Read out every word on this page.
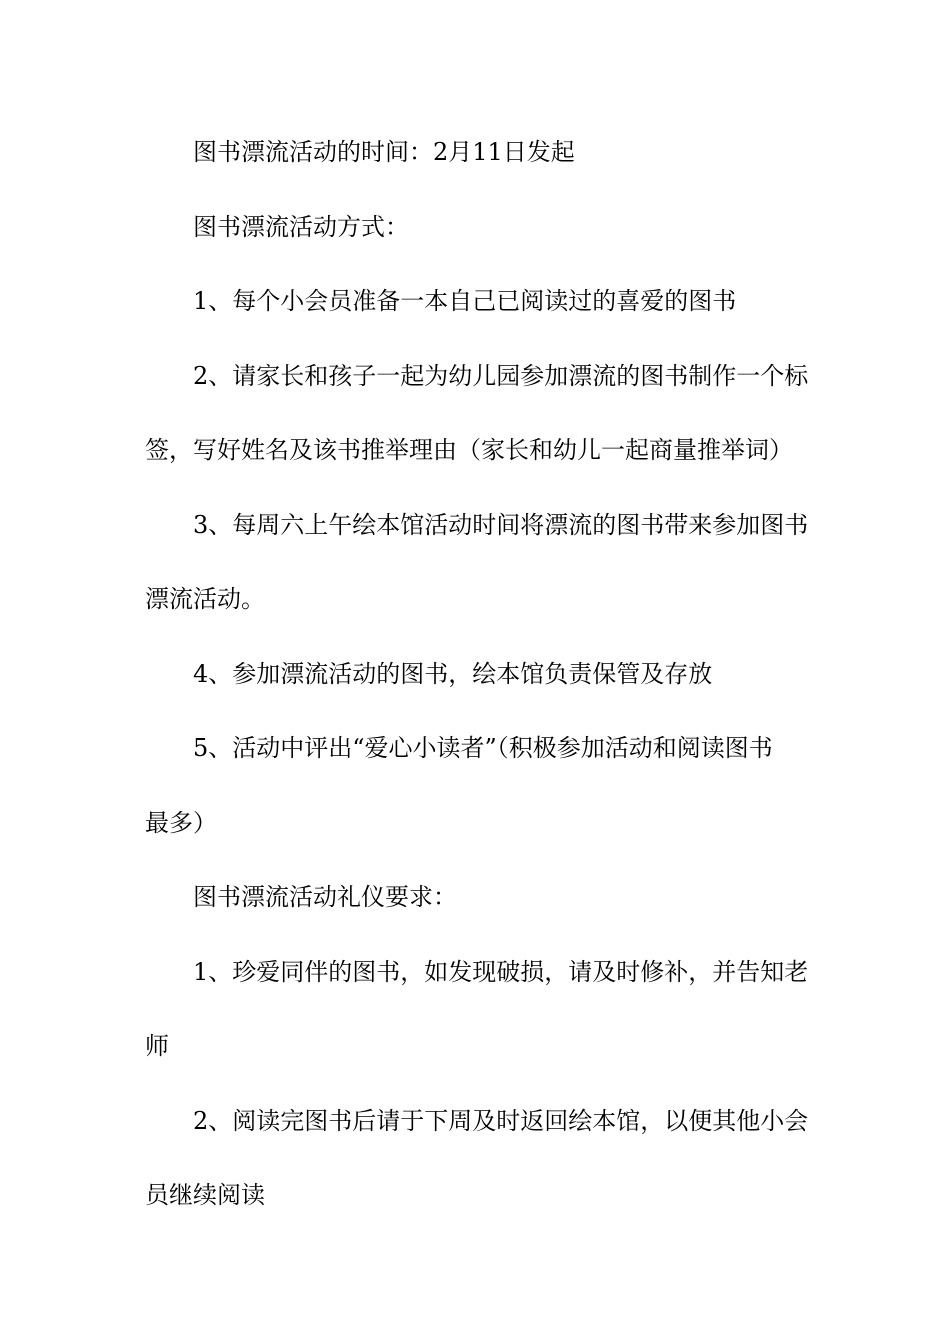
图书漂流活动的时间：2月11日发起
图书漂流活动方式：
1、每个小会员准备一本自己已阅读过的喜爱的图书
2、请家长和孩子一起为幼儿园参加漂流的图书制作一个标
签，写好姓名及该书推举理由（家长和幼儿一起商量推举词）
3、每周六上午绘本馆活动时间将漂流的图书带来参加图书
漂流活动。
4、参加漂流活动的图书，绘本馆负责保管及存放
5、活动中评出“爱心小读者”（积极参加活动和阅读图书
最多）
图书漂流活动礼仪要求：
1、珍爱同伴的图书，如发现破损，请及时修补，并告知老
师
2、阅读完图书后请于下周及时返回绘本馆，以便其他小会
员继续阅读
